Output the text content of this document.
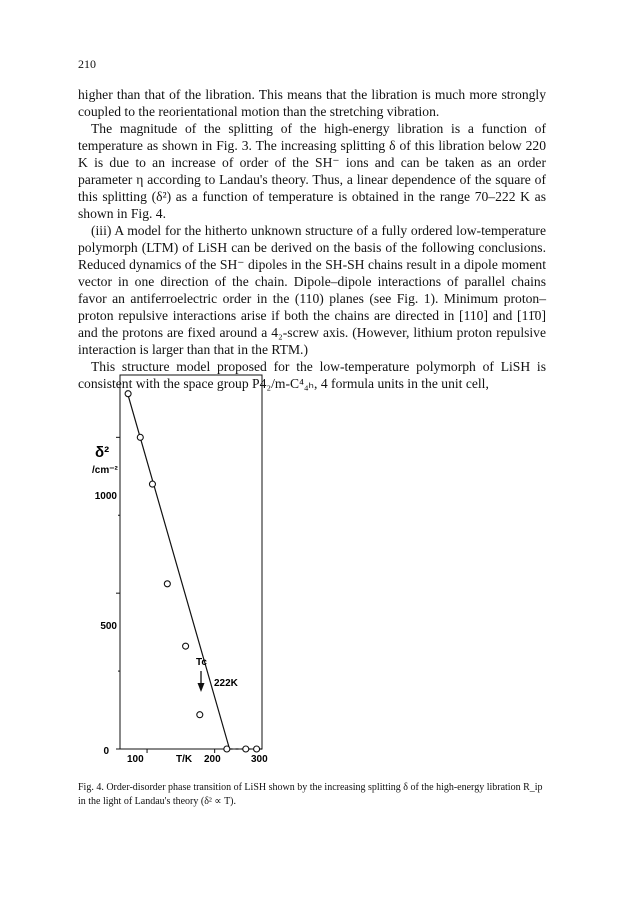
210

higher than that of the libration. This means that the libration is much more strongly coupled to the reorientational motion than the stretching vibration.

The magnitude of the splitting of the high-energy libration is a function of temperature as shown in Fig. 3. The increasing splitting δ of this libration below 220 K is due to an increase of order of the SH⁻ ions and can be taken as an order parameter η according to Landau's theory. Thus, a linear dependence of the square of this splitting (δ²) as a function of temperature is obtained in the range 70–222 K as shown in Fig. 4.

(iii) A model for the hitherto unknown structure of a fully ordered low-temperature polymorph (LTM) of LiSH can be derived on the basis of the following conclusions. Reduced dynamics of the SH⁻ dipoles in the SH-SH chains result in a dipole moment vector in one direction of the chain. Dipole–dipole interactions of parallel chains favor an antiferroelectric order in the (110) planes (see Fig. 1). Minimum proton–proton repulsive interactions arise if both the chains are directed in [110] and [11̄0] and the protons are fixed around a 4₂-screw axis. (However, lithium proton repulsive interaction is larger than that in the RTM.)

This structure model proposed for the low-temperature polymorph of LiSH is consistent with the space group P4₂/m-C⁴₄ₕ, 4 formula units in the unit cell,

δ²
/cm⁻²
1000
500
0
100	T/K 200	300
Tc
222K
Fig. 4. Order-disorder phase transition of LiSH shown by the increasing splitting δ of the high-energy libration R_ip in the light of Landau's theory (δ² ∝ T).
